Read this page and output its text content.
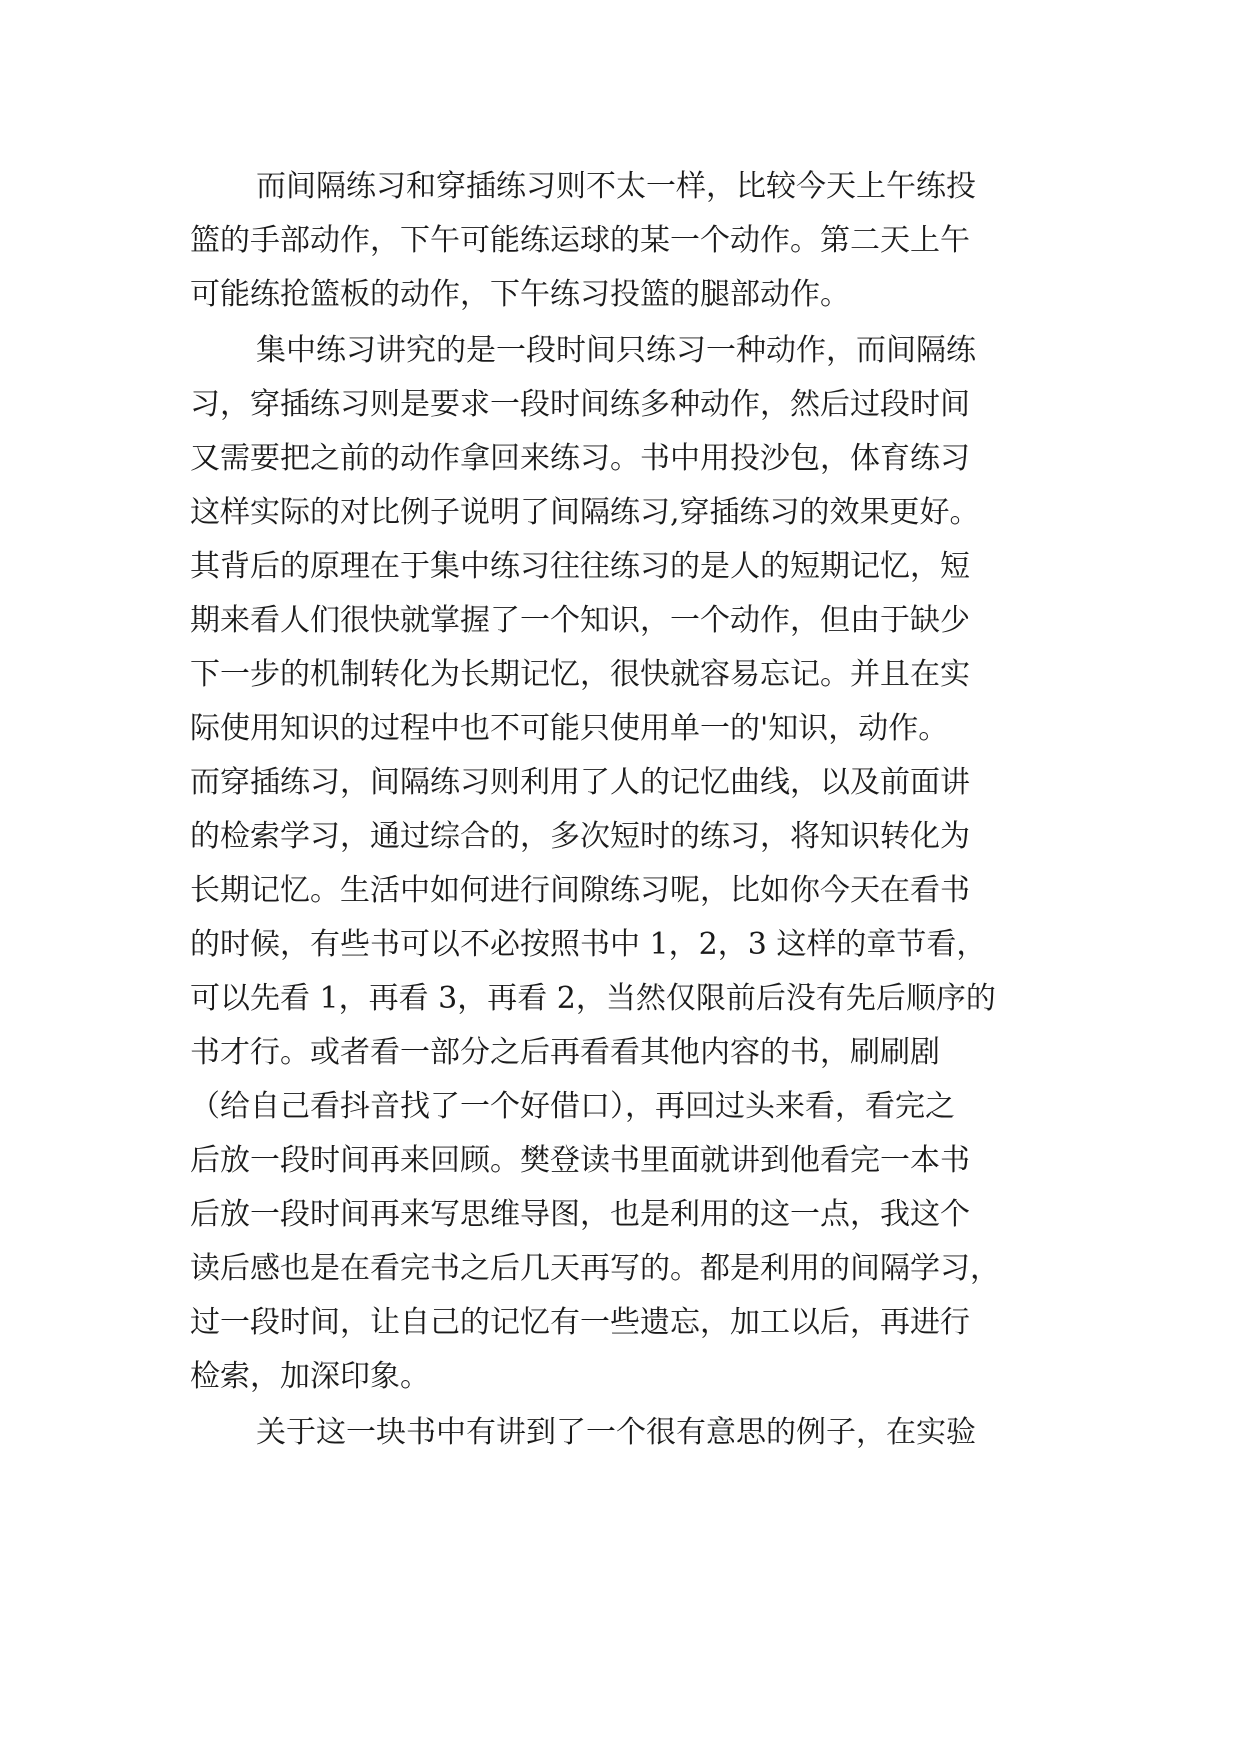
而间隔练习和穿插练习则不太一样，比较今天上午练投
篮的手部动作，下午可能练运球的某一个动作。第二天上午
可能练抢篮板的动作，下午练习投篮的腿部动作。
集中练习讲究的是一段时间只练习一种动作，而间隔练
习，穿插练习则是要求一段时间练多种动作，然后过段时间
又需要把之前的动作拿回来练习。书中用投沙包，体育练习
这样实际的对比例子说明了间隔练习,穿插练习的效果更好。
其背后的原理在于集中练习往往练习的是人的短期记忆，短
期来看人们很快就掌握了一个知识，一个动作，但由于缺少
下一步的机制转化为长期记忆，很快就容易忘记。并且在实
际使用知识的过程中也不可能只使用单一的'知识，动作。
而穿插练习，间隔练习则利用了人的记忆曲线，以及前面讲
的检索学习，通过综合的，多次短时的练习，将知识转化为
长期记忆。生活中如何进行间隙练习呢，比如你今天在看书
的时候，有些书可以不必按照书中 1，2，3 这样的章节看，
可以先看 1，再看 3，再看 2，当然仅限前后没有先后顺序的
书才行。或者看一部分之后再看看其他内容的书，刷刷剧
（给自己看抖音找了一个好借口），再回过头来看，看完之
后放一段时间再来回顾。樊登读书里面就讲到他看完一本书
后放一段时间再来写思维导图，也是利用的这一点，我这个
读后感也是在看完书之后几天再写的。都是利用的间隔学习，
过一段时间，让自己的记忆有一些遗忘，加工以后，再进行
检索，加深印象。
关于这一块书中有讲到了一个很有意思的例子，在实验
